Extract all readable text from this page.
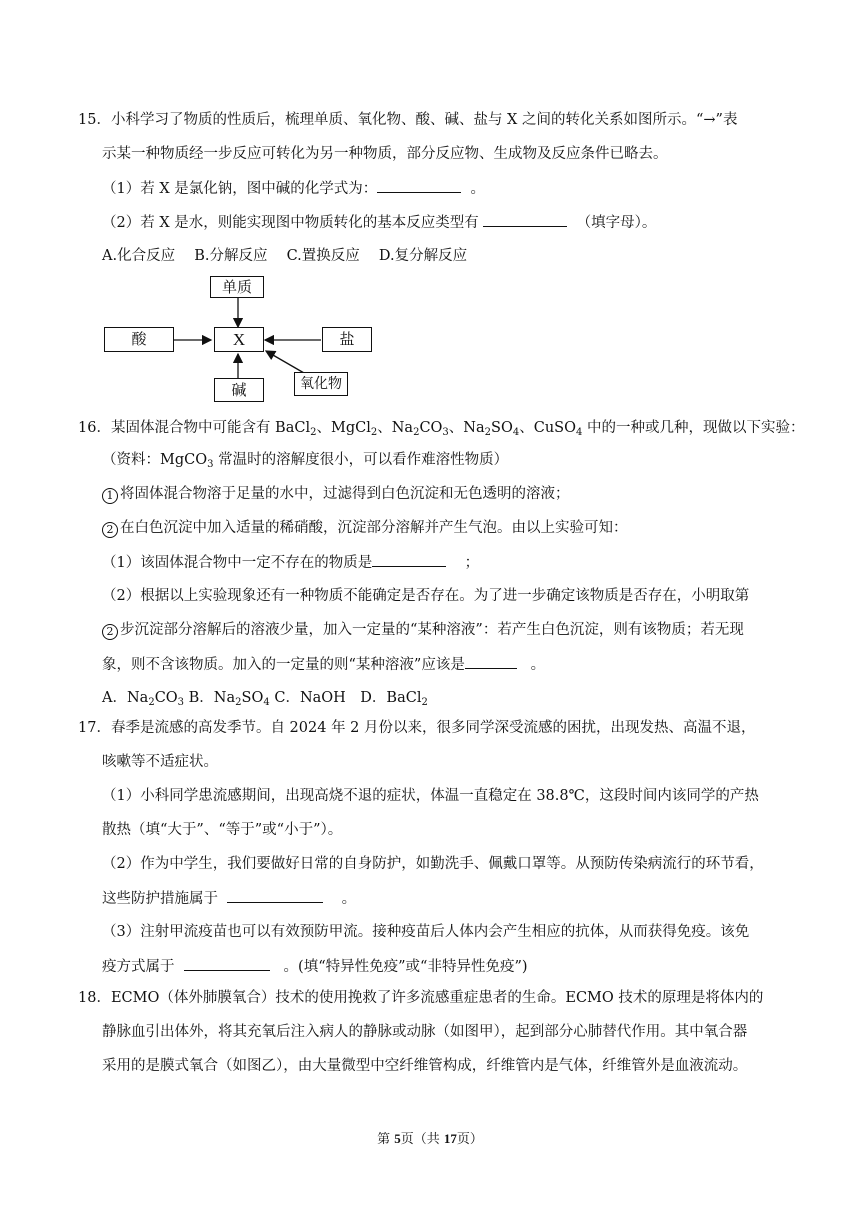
15．小科学习了物质的性质后，梳理单质、氧化物、酸、碱、盐与 X 之间的转化关系如图所示。“→”表
示某一种物质经一步反应可转化为另一种物质，部分反应物、生成物及反应条件已略去。
（1）若 X 是氯化钠，图中碱的化学式为：	。
（2）若 X 是水，则能实现图中物质转化的基本反应类型有	（填字母）。
A.化合反应　 B.分解反应　 C.置换反应　 D.复分解反应
单质
酸	X	盐
碱	氧化物
16．某固体混合物中可能含有 BaCl$_2$、MgCl$_2$、$Na_2CO_3$、$Na_2SO_4$、CuSO$_4$ 中的一种或几种，现做以下实验：
（资料：MgCO$_3$ 常温时的溶解度很小，可以看作难溶性物质）
1 将固体混合物溶于足量的水中，过滤得到白色沉淀和无色透明的溶液；
2 在白色沉淀中加入适量的稀硝酸，沉淀部分溶解并产生气泡。由以上实验可知：
（1）该固体混合物中一定不存在的物质是	；
（2）根据以上实验现象还有一种物质不能确定是否存在。为了进一步确定该物质是否存在，小明取第
2 步沉淀部分溶解后的溶液少量，加入一定量的“某种溶液”：若产生白色沉淀，则有该物质；若无现
象，则不含该物质。加入的一定量的则“某种溶液”应该是	。
A．$Na_2CO_3$ B．$Na_2SO_4$ C．NaOH　D．BaCl$_2$
17．春季是流感的高发季节。自 2024 年 2 月份以来，很多同学深受流感的困扰，出现发热、高温不退，
咳嗽等不适症状。
（1）小科同学患流感期间，出现高烧不退的症状，体温一直稳定在 38.8℃，这段时间内该同学的产热
散热（填“大于”、“等于”或“小于”）。
（2）作为中学生，我们要做好日常的自身防护，如勤洗手、佩戴口罩等。从预防传染病流行的环节看，
这些防护措施属于	。
（3）注射甲流疫苗也可以有效预防甲流。接种疫苗后人体内会产生相应的抗体，从而获得免疫。该免
疫方式属于	。(填“特异性免疫”或“非特异性免疫”)
18．ECMO（体外肺膜氧合）技术的使用挽救了许多流感重症患者的生命。ECMO 技术的原理是将体内的
静脉血引出体外，将其充氧后注入病人的静脉或动脉（如图甲），起到部分心肺替代作用。其中氧合器
采用的是膜式氧合（如图乙），由大量微型中空纤维管构成，纤维管内是气体，纤维管外是血液流动。
第 5页（共 17页）
